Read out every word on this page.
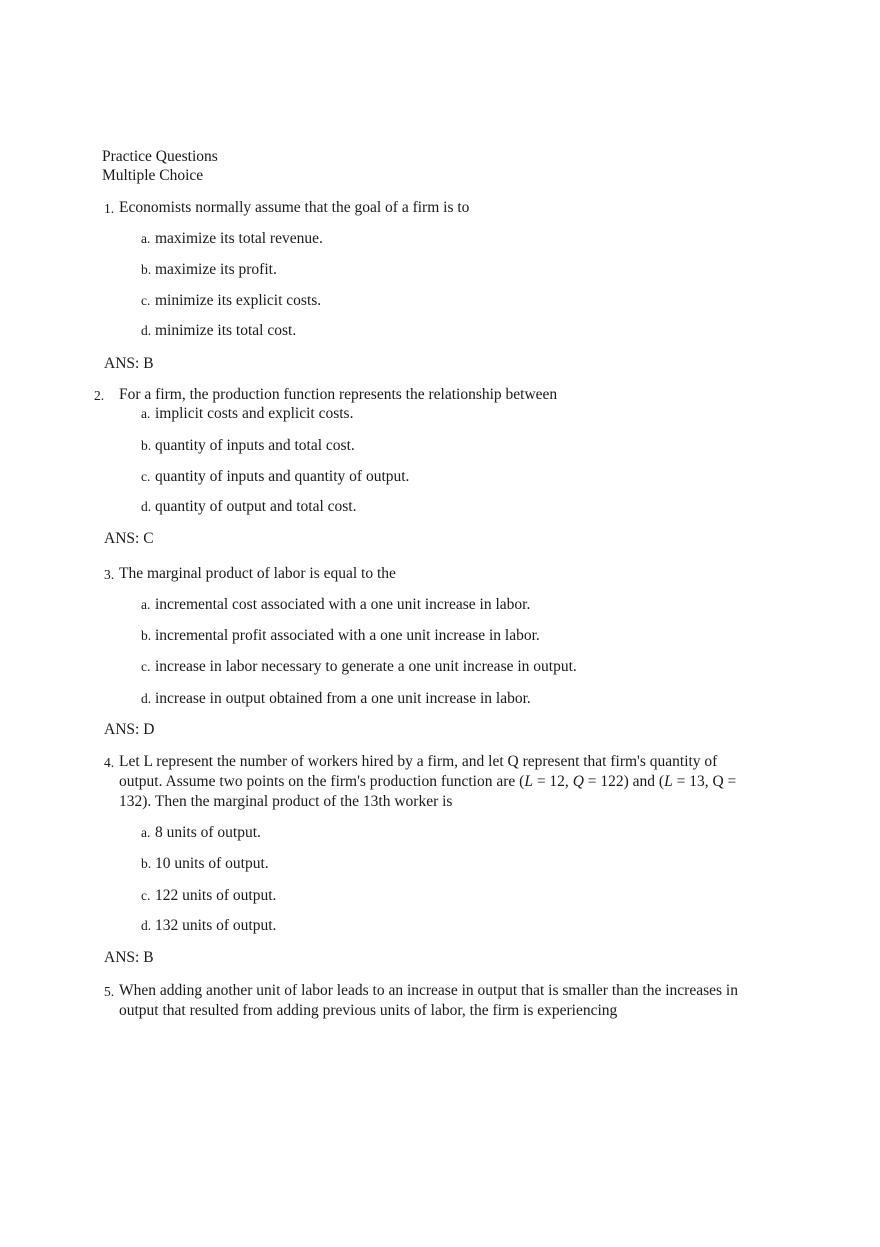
Practice Questions
Multiple Choice
1. Economists normally assume that the goal of a firm is to
a. maximize its total revenue.
b. maximize its profit.
c. minimize its explicit costs.
d. minimize its total cost.
ANS: B
2. For a firm, the production function represents the relationship between
a. implicit costs and explicit costs.
b. quantity of inputs and total cost.
c. quantity of inputs and quantity of output.
d. quantity of output and total cost.
ANS: C
3. The marginal product of labor is equal to the
a. incremental cost associated with a one unit increase in labor.
b. incremental profit associated with a one unit increase in labor.
c. increase in labor necessary to generate a one unit increase in output.
d. increase in output obtained from a one unit increase in labor.
ANS: D
4. Let L represent the number of workers hired by a firm, and let Q represent that firm's quantity of
output. Assume two points on the firm's production function are (L = 12, Q = 122) and (L = 13, Q =
132). Then the marginal product of the 13th worker is
a. 8 units of output.
b. 10 units of output.
c. 122 units of output.
d. 132 units of output.
ANS: B
5. When adding another unit of labor leads to an increase in output that is smaller than the increases in
output that resulted from adding previous units of labor, the firm is experiencing
